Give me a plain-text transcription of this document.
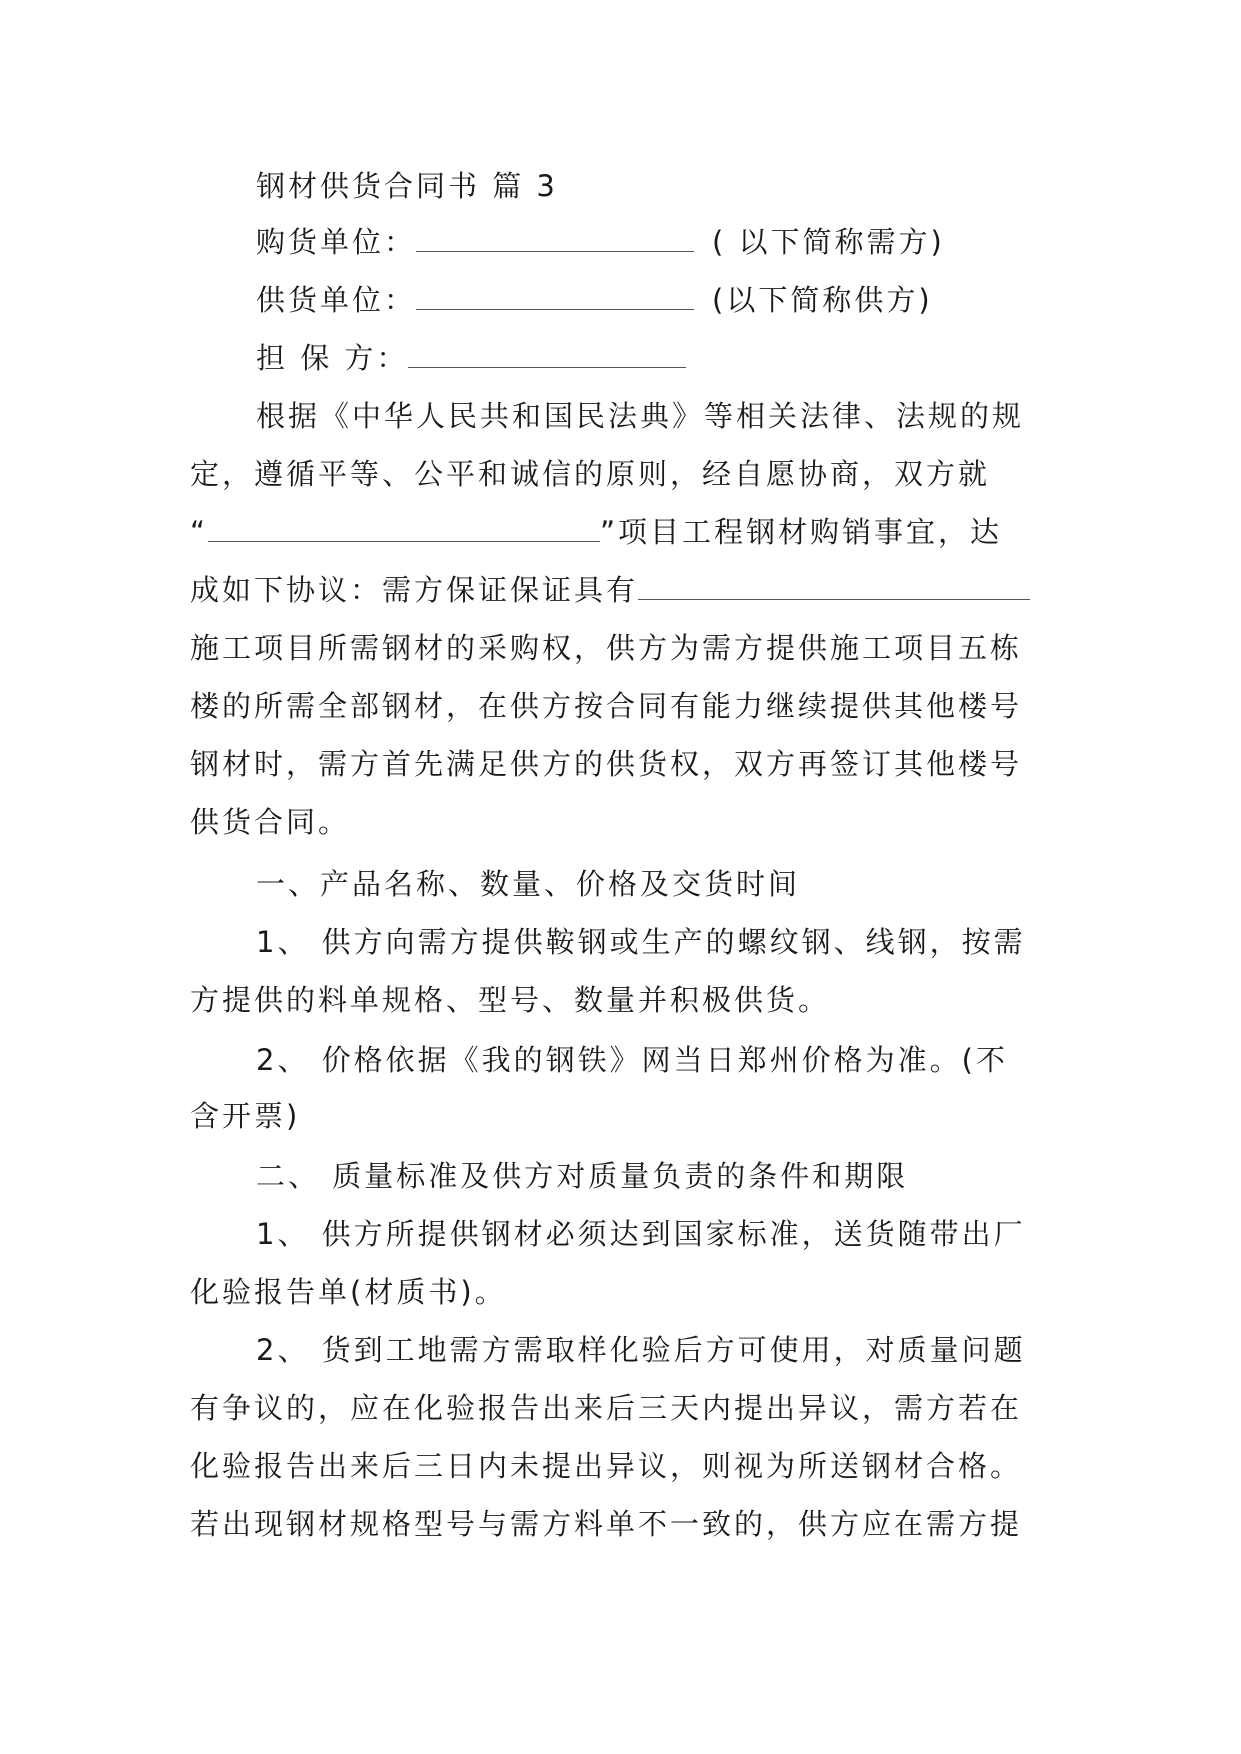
钢材供货合同书 篇 3
购货单位：	( 以下简称需方)
供货单位：	(以下简称供方)
担 保 方：
根据《中华人民共和国民法典》等相关法律、法规的规
定，遵循平等、公平和诚信的原则，经自愿协商，双方就
“	”项目工程钢材购销事宜，达
成如下协议：需方保证保证具有
施工项目所需钢材的采购权，供方为需方提供施工项目五栋
楼的所需全部钢材，在供方按合同有能力继续提供其他楼号
钢材时，需方首先满足供方的供货权，双方再签订其他楼号
供货合同。
一、产品名称、数量、价格及交货时间
1、 供方向需方提供鞍钢或生产的螺纹钢、线钢，按需
方提供的料单规格、型号、数量并积极供货。
2、 价格依据《我的钢铁》网当日郑州价格为准。(不
含开票)
二、 质量标准及供方对质量负责的条件和期限
1、 供方所提供钢材必须达到国家标准，送货随带出厂
化验报告单(材质书)。
2、 货到工地需方需取样化验后方可使用，对质量问题
有争议的，应在化验报告出来后三天内提出异议，需方若在
化验报告出来后三日内未提出异议，则视为所送钢材合格。
若出现钢材规格型号与需方料单不一致的，供方应在需方提
